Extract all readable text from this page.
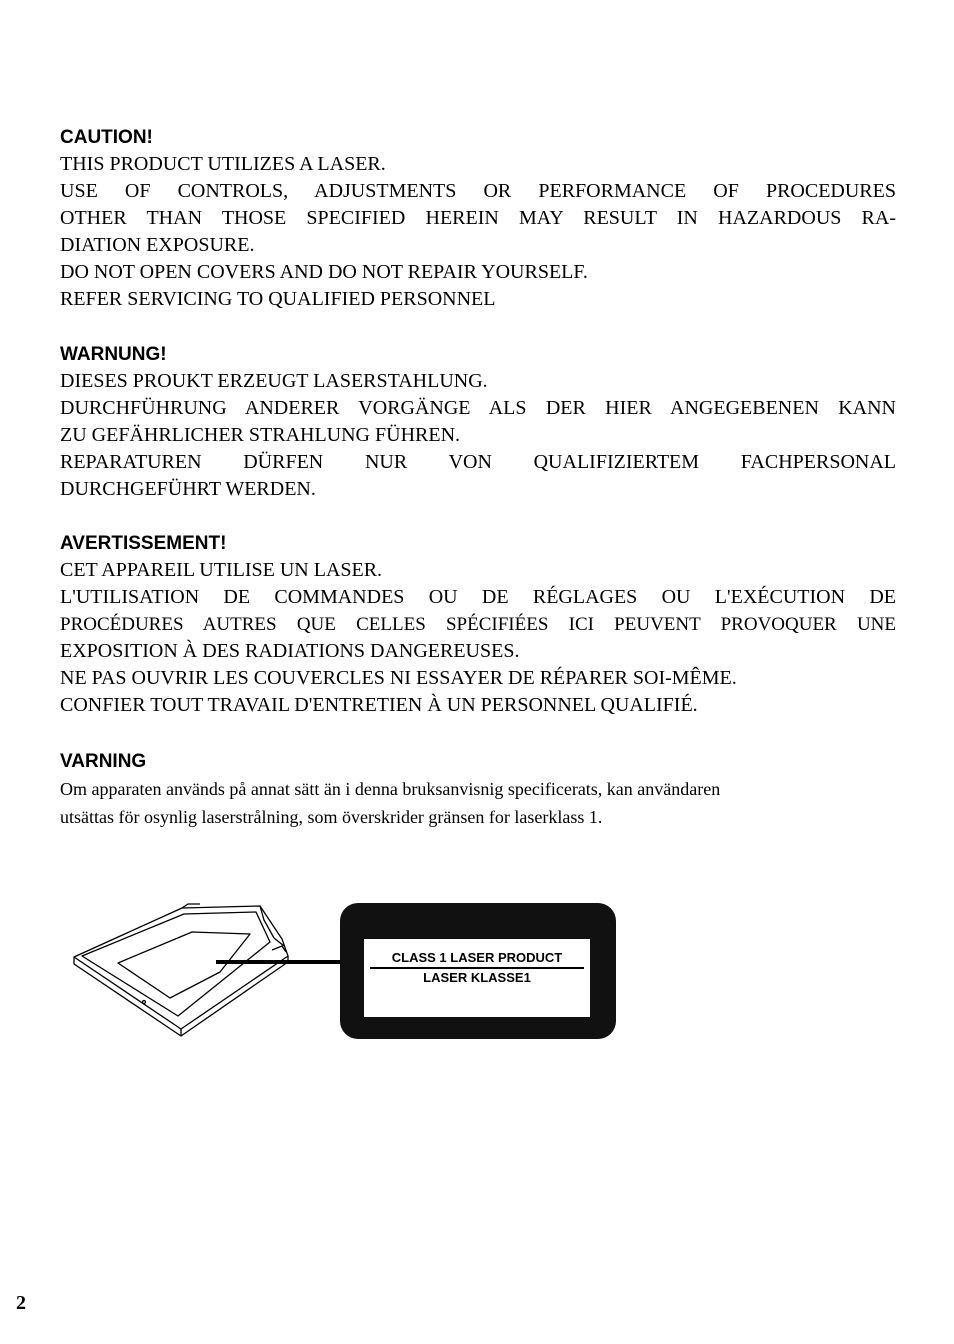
CAUTION!

THIS PRODUCT UTILIZES A LASER.

USE OF CONTROLS, ADJUSTMENTS OR PERFORMANCE OF PROCEDURES

OTHER THAN THOSE SPECIFIED HEREIN MAY RESULT IN HAZARDOUS RA-

DIATION EXPOSURE.

DO NOT OPEN COVERS AND DO NOT REPAIR YOURSELF.

REFER SERVICING TO QUALIFIED PERSONNEL

WARNUNG!

DIESES PROUKT ERZEUGT LASERSTAHLUNG.

DURCHFÜHRUNG ANDERER VORGÄNGE ALS DER HIER ANGEGEBENEN KANN

ZU GEFÄHRLICHER STRAHLUNG FÜHREN.

REPARATUREN DÜRFEN NUR VON QUALIFIZIERTEM FACHPERSONAL

DURCHGEFÜHRT WERDEN.

AVERTISSEMENT!

CET APPAREIL UTILISE UN LASER.

L'UTILISATION DE COMMANDES OU DE RÉGLAGES OU L'EXÉCUTION DE

PROCÉDURES AUTRES QUE CELLES SPÉCIFIÉES ICI PEUVENT PROVOQUER UNE

EXPOSITION À DES RADIATIONS DANGEREUSES.

NE PAS OUVRIR LES COUVERCLES NI ESSAYER DE RÉPARER SOI-MÊME.

CONFIER TOUT TRAVAIL D'ENTRETIEN À UN PERSONNEL QUALIFIÉ.

VARNING

Om apparaten används på annat sätt än i denna bruksanvisnig specificerats, kan användaren

utsättas för osynlig laserstrålning, som överskrider gränsen for laserklass 1.

CLASS 1 LASER PRODUCT

LASER KLASSE1

2
